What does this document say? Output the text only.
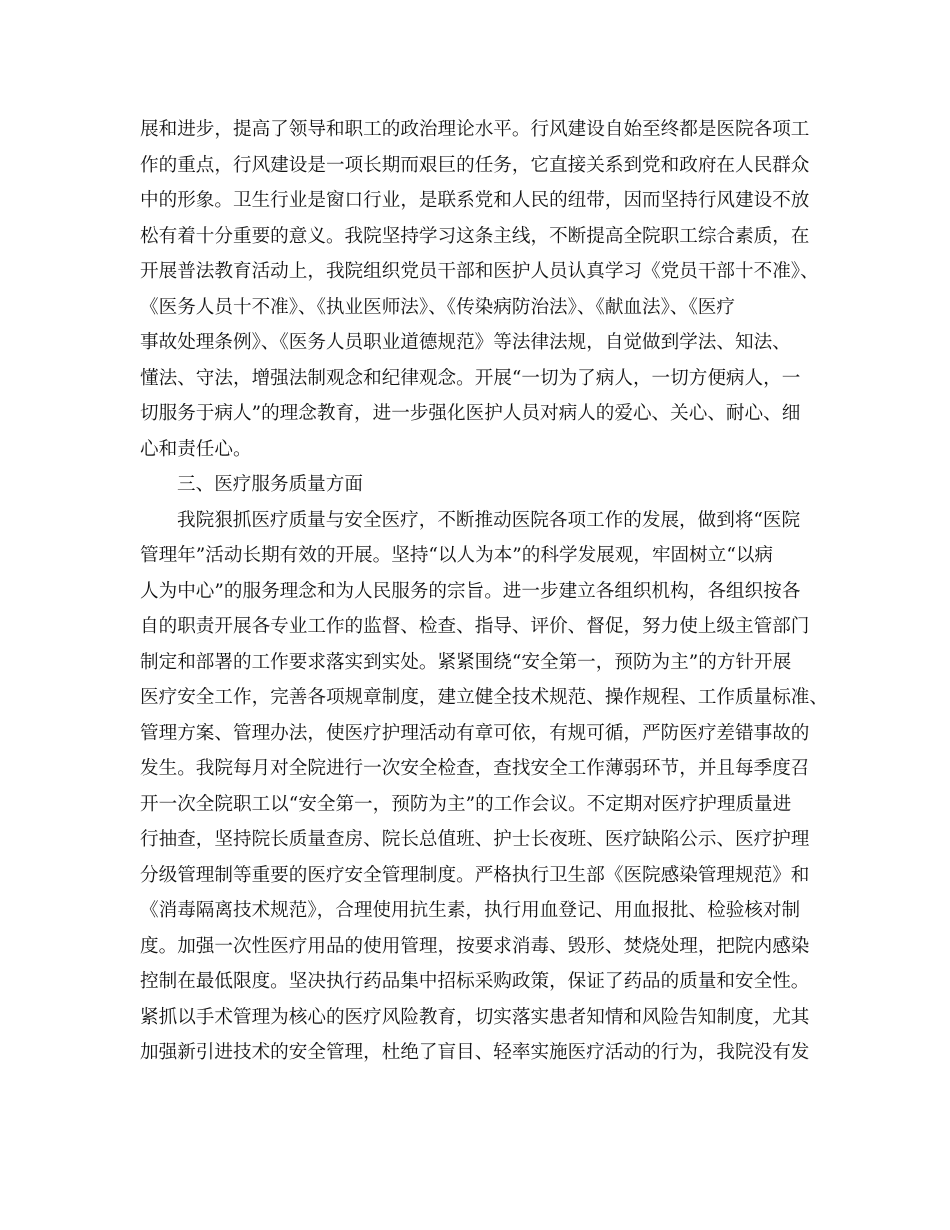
展和进步，提高了领导和职工的政治理论水平。行风建设自始至终都是医院各项工
作的重点，行风建设是一项长期而艰巨的任务，它直接关系到党和政府在人民群众
中的形象。卫生行业是窗口行业，是联系党和人民的纽带，因而坚持行风建设不放
松有着十分重要的意义。我院坚持学习这条主线，不断提高全院职工综合素质，在
开展普法教育活动上，我院组织党员干部和医护人员认真学习《党员干部十不准》、
《医务人员十不准》、《执业医师法》、《传染病防治法》、《献血法》、《医疗
事故处理条例》、《医务人员职业道德规范》等法律法规，自觉做到学法、知法、
懂法、守法，增强法制观念和纪律观念。开展“一切为了病人，一切方便病人，一
切服务于病人”的理念教育，进一步强化医护人员对病人的爱心、关心、耐心、细
心和责任心。
三、医疗服务质量方面
我院狠抓医疗质量与安全医疗，不断推动医院各项工作的发展，做到将“医院
管理年”活动长期有效的开展。坚持“以人为本”的科学发展观，牢固树立“以病
人为中心”的服务理念和为人民服务的宗旨。进一步建立各组织机构，各组织按各
自的职责开展各专业工作的监督、检查、指导、评价、督促，努力使上级主管部门
制定和部署的工作要求落实到实处。紧紧围绕“安全第一，预防为主”的方针开展
医疗安全工作，完善各项规章制度，建立健全技术规范、操作规程、工作质量标准、
管理方案、管理办法，使医疗护理活动有章可依，有规可循，严防医疗差错事故的
发生。我院每月对全院进行一次安全检查，查找安全工作薄弱环节，并且每季度召
开一次全院职工以“安全第一，预防为主”的工作会议。不定期对医疗护理质量进
行抽查，坚持院长质量查房、院长总值班、护士长夜班、医疗缺陷公示、医疗护理
分级管理制等重要的医疗安全管理制度。严格执行卫生部《医院感染管理规范》和
《消毒隔离技术规范》，合理使用抗生素，执行用血登记、用血报批、检验核对制
度。加强一次性医疗用品的使用管理，按要求消毒、毁形、焚烧处理，把院内感染
控制在最低限度。坚决执行药品集中招标采购政策，保证了药品的质量和安全性。
紧抓以手术管理为核心的医疗风险教育，切实落实患者知情和风险告知制度，尤其
加强新引进技术的安全管理，杜绝了盲目、轻率实施医疗活动的行为，我院没有发
